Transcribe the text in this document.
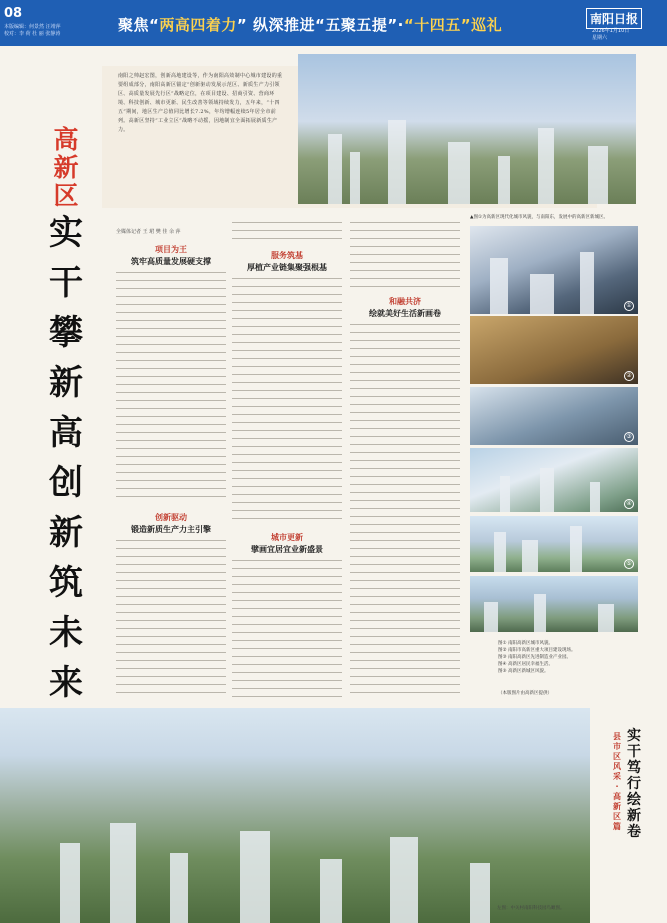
08
本版编辑：何景然 汪靖萍
校对：李 荷 杜 丽 张静涛	聚焦“两高四着力” 纵深推进“五聚五提”·“十四五”巡礼	南阳日报
2026年1月10日
星期六
南阳之帅赵宏图，创新高地建设等，作为南阳高效制中心城市建设的重要组成部分，南阳高新区锚定“创新驱动发展示范区、新质生产力引领区、高质量发展先行区”战略定位，在项目建设、招商引资、营商环境、科技创新、城市更新、民生改善等领域持续发力，五年来，“十四五”期间，地区生产总值同比增长7.2%，年均增幅连续5年居全市前列。高新区坚持“工业立区”战略不动摇，因地制宜全面拓展新质生产力。
高新区
实干攀新高创新筑未来
全媒体记者 王 珺 樊 佳 余 萍
项目为王
筑牢高质量发展硬支撑
创新驱动
锻造新质生产力主引擎
服务筑基
厚植产业链集聚强根基
城市更新
擘画宜居宜业新盛景
和融共济
绘就美好生活新画卷
▲图①为高新区现代化城市风貌，与南阳东，发展中的高新区新城区。
①
②
③
④
⑤
图① 南阳高新区城市风貌。
图② 南阳市高新区重大项目建设现场。
图③ 南阳高新区先进制造业产业园。
图④ 高新区居民幸福生活。
图⑤ 高新区新城区风貌。
（本版图片由高新区提供）
左图：中关村南阳科技园鸟瞰图。
实干笃行绘新卷
县市区风采·高新区篇
